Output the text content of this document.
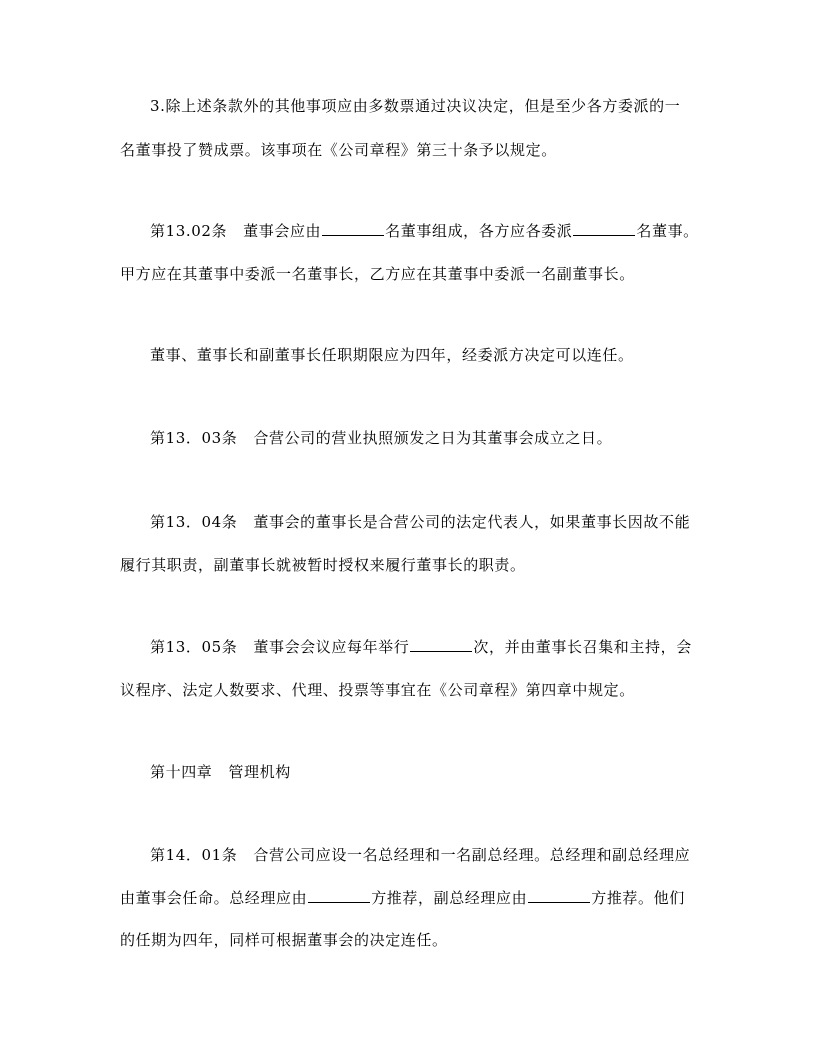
3.除上述条款外的其他事项应由多数票通过决议决定，但是至少各方委派的一
名董事投了赞成票。该事项在《公司章程》第三十条予以规定。
第13.02条 董事会应由	名董事组成，各方应各委派	名董事。
甲方应在其董事中委派一名董事长，乙方应在其董事中委派一名副董事长。
董事、董事长和副董事长任职期限应为四年，经委派方决定可以连任。
第13．03条 合营公司的营业执照颁发之日为其董事会成立之日。
第13．04条 董事会的董事长是合营公司的法定代表人，如果董事长因故不能
履行其职责，副董事长就被暂时授权来履行董事长的职责。
第13．05条 董事会会议应每年举行	次，并由董事长召集和主持，会
议程序、法定人数要求、代理、投票等事宜在《公司章程》第四章中规定。
第十四章 管理机构
第14．01条 合营公司应设一名总经理和一名副总经理。总经理和副总经理应
由董事会任命。总经理应由	方推荐，副总经理应由	方推荐。他们
的任期为四年，同样可根据董事会的决定连任。
